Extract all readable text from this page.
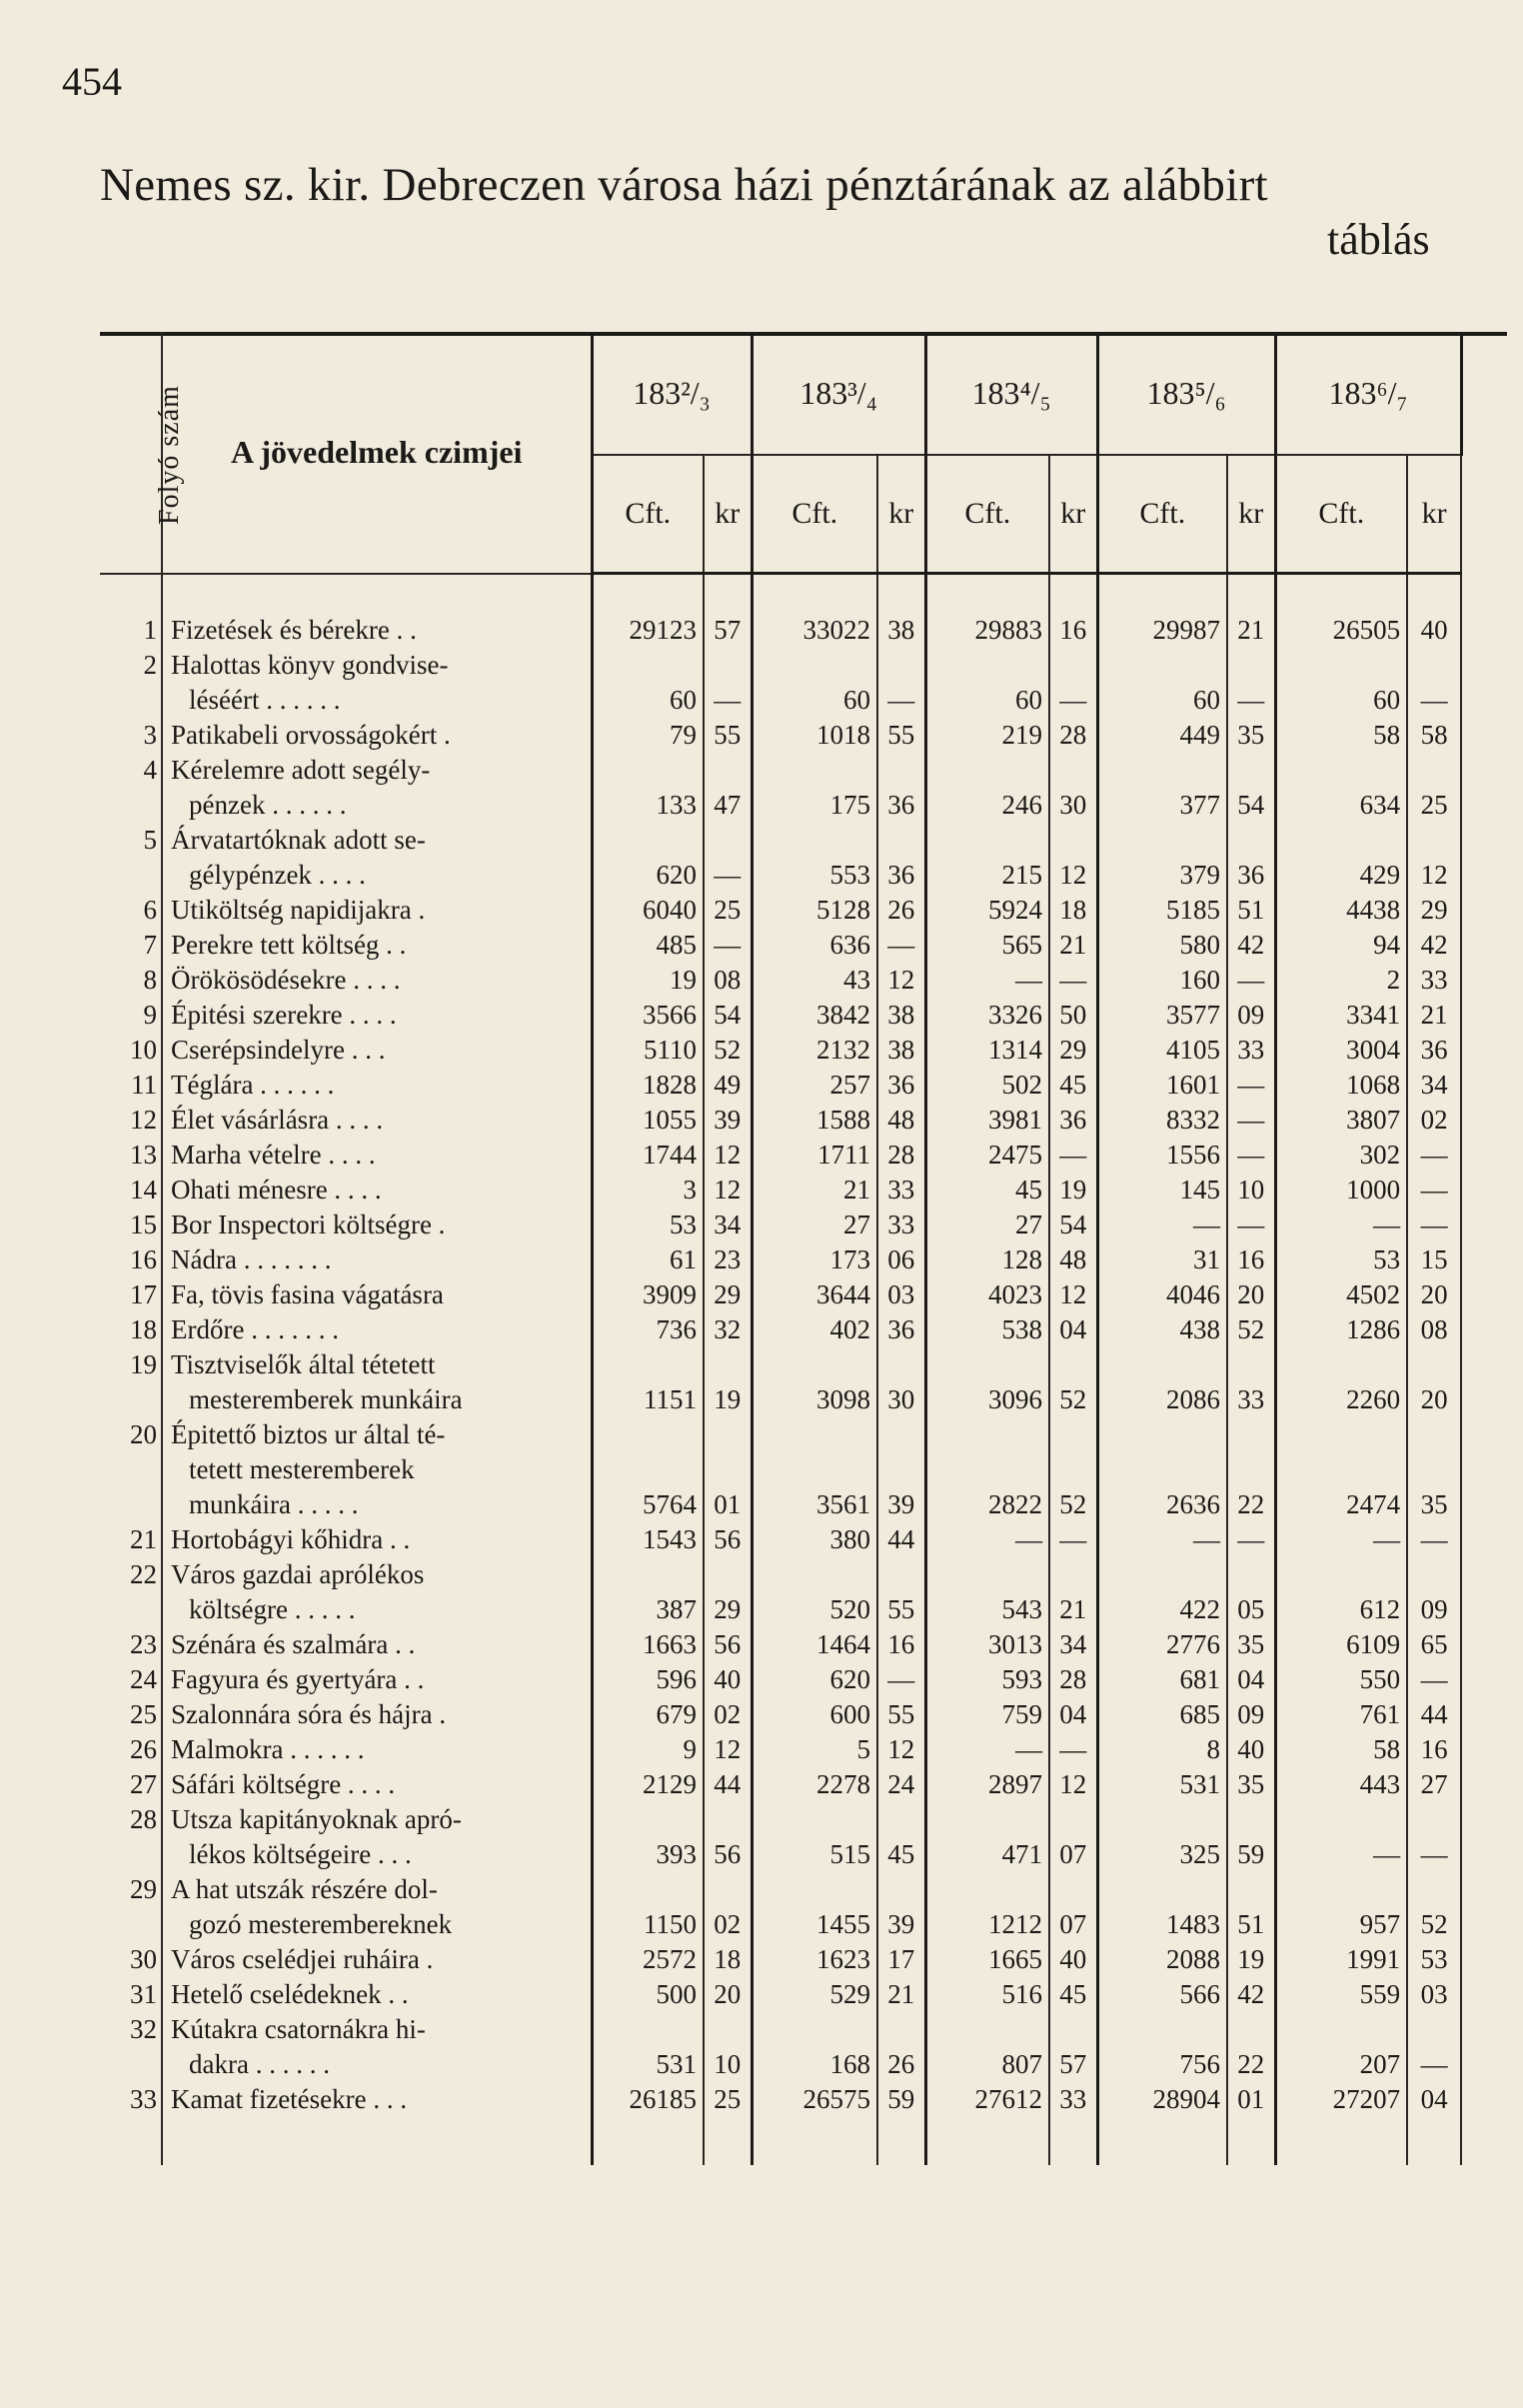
454
Nemes sz. kir. Debreczen városa házi pénztárának az alábbirt
táblás
Folyó szám	A jövedelmek czimjei	183²/₃		183³/₄		183⁴/₅		183⁵/₆		183⁶/₇	
		Cft.	kr	Cft.	kr	Cft.	kr	Cft.	kr	Cft.	kr
1	Fizetések és bérekre . .	29123	57	33022	38	29883	16	29987	21	26505	40
2	Halottas könyv gondvise-
léséért . . . . . .	60	—	60	—	60	—	60	—	60	—
3	Patikabeli orvosságokért .	79	55	1018	55	219	28	449	35	58	58
4	Kérelemre adott segély-
pénzek . . . . . .	133	47	175	36	246	30	377	54	634	25
5	Árvatartóknak adott se-
gélypénzek . . . .	620	—	553	36	215	12	379	36	429	12
6	Utiköltség napidijakra .	6040	25	5128	26	5924	18	5185	51	4438	29
7	Perekre tett költség . .	485	—	636	—	565	21	580	42	94	42
8	Örökösödésekre . . . .	19	08	43	12	—	—	160	—	2	33
9	Épitési szerekre . . . .	3566	54	3842	38	3326	50	3577	09	3341	21
10	Cserépsindelyre . . .	5110	52	2132	38	1314	29	4105	33	3004	36
11	Téglára . . . . . .	1828	49	257	36	502	45	1601	—	1068	34
12	Élet vásárlásra . . . .	1055	39	1588	48	3981	36	8332	—	3807	02
13	Marha vételre . . . .	1744	12	1711	28	2475	—	1556	—	302	—
14	Ohati ménesre . . . .	3	12	21	33	45	19	145	10	1000	—
15	Bor Inspectori költségre .	53	34	27	33	27	54	—	—	—	—
16	Nádra . . . . . . .	61	23	173	06	128	48	31	16	53	15
17	Fa, tövis fasina vágatásra	3909	29	3644	03	4023	12	4046	20	4502	20
18	Erdőre . . . . . . .	736	32	402	36	538	04	438	52	1286	08
19	Tisztviselők által tétetett
mesteremberek munkáira	1151	19	3098	30	3096	52	2086	33	2260	20
20	Épitettő biztos ur által té-
tetett mesteremberek
munkáira . . . . .	5764	01	3561	39	2822	52	2636	22	2474	35
21	Hortobágyi kőhidra . .	1543	56	380	44	—	—	—	—	—	—
22	Város gazdai aprólékos
költségre . . . . .	387	29	520	55	543	21	422	05	612	09
23	Szénára és szalmára . .	1663	56	1464	16	3013	34	2776	35	6109	65
24	Fagyura és gyertyára . .	596	40	620	—	593	28	681	04	550	—
25	Szalonnára sóra és hájra .	679	02	600	55	759	04	685	09	761	44
26	Malmokra . . . . . .	9	12	5	12	—	—	8	40	58	16
27	Sáfári költségre . . . .	2129	44	2278	24	2897	12	531	35	443	27
28	Utsza kapitányoknak apró-
lékos költségeire . . .	393	56	515	45	471	07	325	59	—	—
29	A hat utszák részére dol-
gozó mesterembereknek	1150	02	1455	39	1212	07	1483	51	957	52
30	Város cselédjei ruháira .	2572	18	1623	17	1665	40	2088	19	1991	53
31	Hetelő cselédeknek . .	500	20	529	21	516	45	566	42	559	03
32	Kútakra csatornákra hi-
dakra . . . . . .	531	10	168	26	807	57	756	22	207	—
33	Kamat fizetésekre . . .	26185	25	26575	59	27612	33	28904	01	27207	04
